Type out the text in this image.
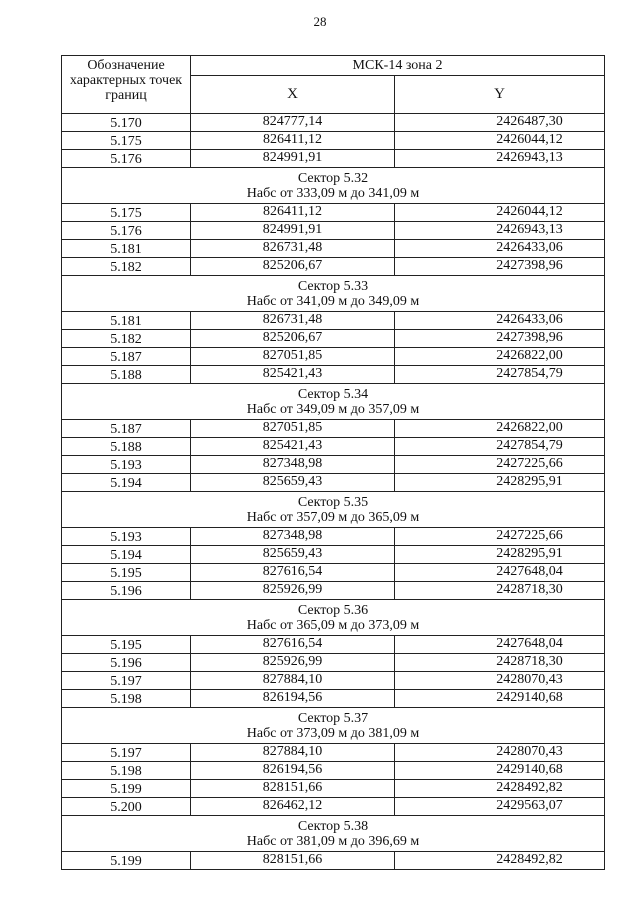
28
Обозначение характерных точек границ	МСК-14 зона 2	
	X	Y
5.170	824777,14	2426487,30
5.175	826411,12	2426044,12
5.176	824991,91	2426943,13

Сектор 5.32
Набс от 333,09 м до 341,09 м		

5.175	826411,12	2426044,12
5.176	824991,91	2426943,13
5.181	826731,48	2426433,06
5.182	825206,67	2427398,96

Сектор 5.33
Набс от 341,09 м до 349,09 м		

5.181	826731,48	2426433,06
5.182	825206,67	2427398,96
5.187	827051,85	2426822,00
5.188	825421,43	2427854,79

Сектор 5.34
Набс от 349,09 м до 357,09 м		

5.187	827051,85	2426822,00
5.188	825421,43	2427854,79
5.193	827348,98	2427225,66
5.194	825659,43	2428295,91

Сектор 5.35
Набс от 357,09 м до 365,09 м		

5.193	827348,98	2427225,66
5.194	825659,43	2428295,91
5.195	827616,54	2427648,04
5.196	825926,99	2428718,30

Сектор 5.36
Набс от 365,09 м до 373,09 м		

5.195	827616,54	2427648,04
5.196	825926,99	2428718,30
5.197	827884,10	2428070,43
5.198	826194,56	2429140,68

Сектор 5.37
Набс от 373,09 м до 381,09 м		

5.197	827884,10	2428070,43
5.198	826194,56	2429140,68
5.199	828151,66	2428492,82
5.200	826462,12	2429563,07

Сектор 5.38
Набс от 381,09 м до 396,69 м		

5.199	828151,66	2428492,82
